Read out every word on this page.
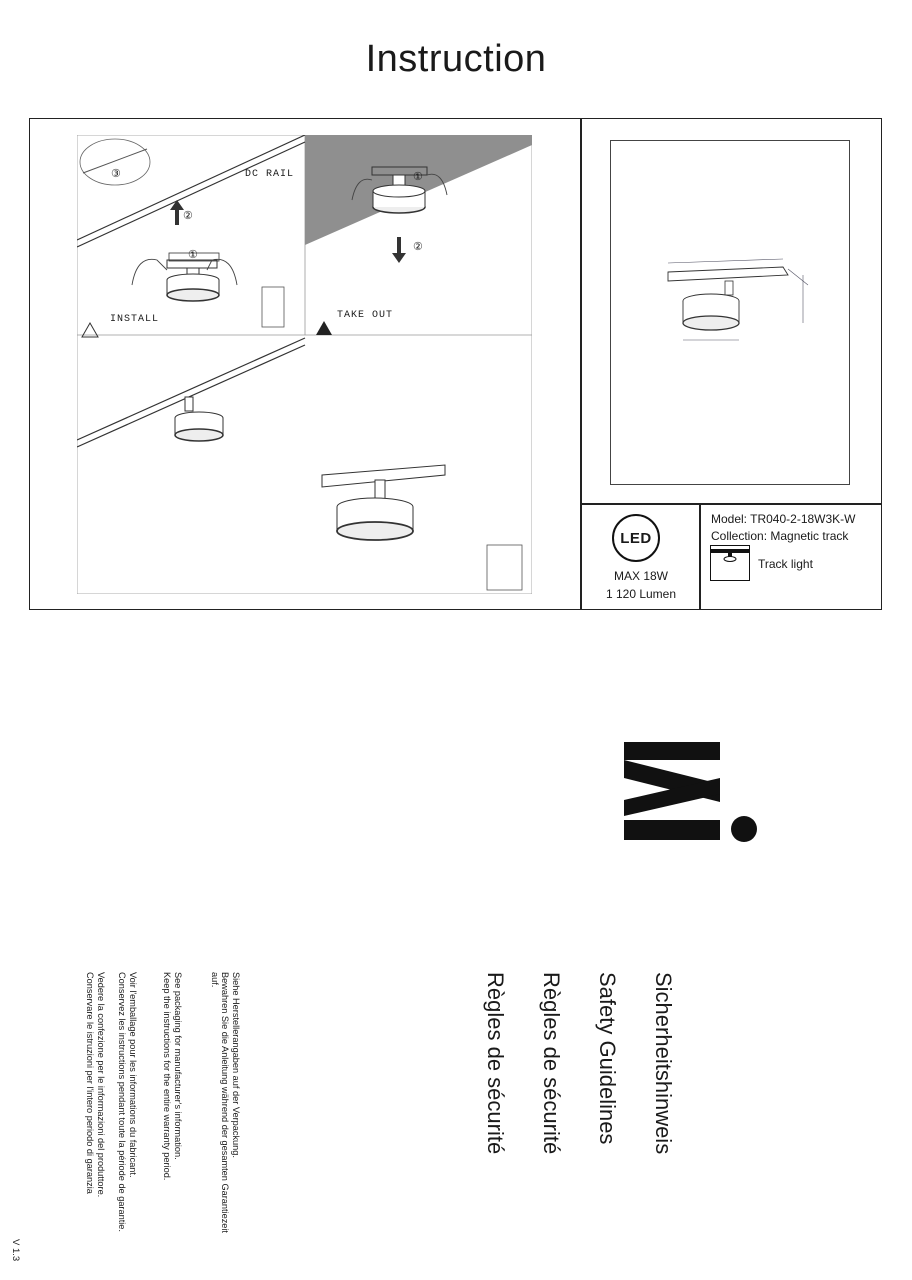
Instruction
DC RAIL
INSTALL	TAKE OUT
②
①
③	①
②
LED
MAX 18W
1 120 Lumen
Model: TR040-2-18W3K-W
Collection: Magnetic track
Track light
Sicherheitshinweis
Safety Guidelines
Règles de sécurité
Règles de sécurité
Siehe Herstellerangaben auf der Verpackung.
Bewahren Sie die Anleitung während der gesamten Garantiezeit
auf.
See packaging for manufacturer's information.
Keep the instructions for the entire warranty period.
Voir l'emballage pour les informations du fabricant.
Conservez les instructions pendant toute la période de garantie.
Vedere la confezione per le informazioni del produttore.
Conservare le istruzioni per l'intero periodo di garanzia
V 1.3
